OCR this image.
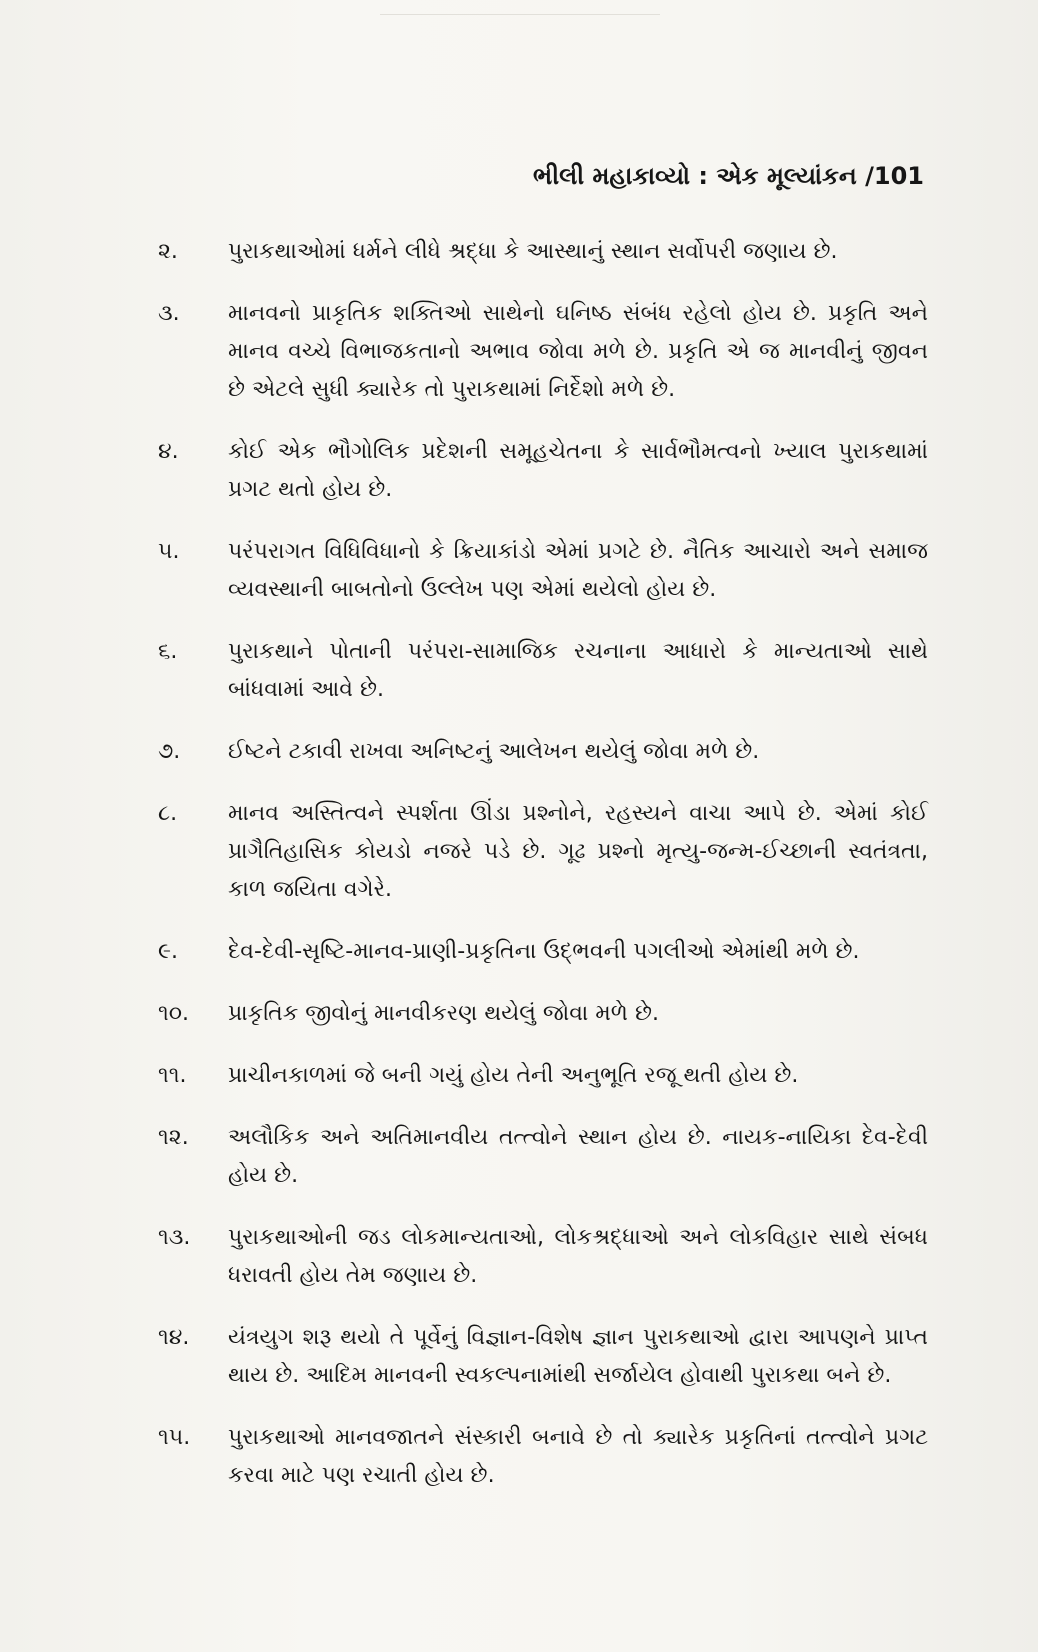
ભીલી મહાકાવ્યો : એક મૂલ્યાંકન /101
૨.	પુરાકથાઓમાં ધર્મને લીધે શ્રદ્ધા કે આસ્થાનું સ્થાન સર્વોપરી જણાય છે.
૩.	માનવનો પ્રાકૃતિક શક્તિઓ સાથેનો ઘનિષ્ઠ સંબંધ રહેલો હોય છે. પ્રકૃતિ અને માનવ વચ્ચે વિભાજકતાનો અભાવ જોવા મળે છે. પ્રકૃતિ એ જ માનવીનું જીવન છે એટલે સુધી ક્યારેક તો પુરાકથામાં નિર્દેશો મળે છે.
૪.	કોઈ એક ભૌગોલિક પ્રદેશની સમૂહચેતના કે સાર્વભૌમત્વનો ખ્યાલ પુરાકથામાં પ્રગટ થતો હોય છે.
૫.	પરંપરાગત વિધિવિધાનો કે ક્રિયાકાંડો એમાં પ્રગટે છે. નૈતિક આચારો અને સમાજ વ્યવસ્થાની બાબતોનો ઉલ્લેખ પણ એમાં થયેલો હોય છે.
૬.	પુરાકથાને પોતાની પરંપરા-સામાજિક રચનાના આધારો કે માન્યતાઓ સાથે બાંધવામાં આવે છે.
૭.	ઈષ્ટને ટકાવી રાખવા અનિષ્ટનું આલેખન થયેલું જોવા મળે છે.
૮.	માનવ અસ્તિત્વને સ્પર્શતા ઊંડા પ્રશ્નોને, રહસ્યને વાચા આપે છે. એમાં કોઈ પ્રાગૈતિહાસિક કોયડો નજરે પડે છે. ગૂઢ પ્રશ્નો મૃત્યુ-જન્મ-ઈચ્છાની સ્વતંત્રતા, કાળ જયિતા વગેરે.
૯.	દેવ-દેવી-સૃષ્ટિ-માનવ-પ્રાણી-પ્રકૃતિના ઉદ્ભવની પગલીઓ એમાંથી મળે છે.
૧૦.	પ્રાકૃતિક જીવોનું માનવીકરણ થયેલું જોવા મળે છે.
૧૧.	પ્રાચીનકાળમાં જે બની ગયું હોય તેની અનુભૂતિ રજૂ થતી હોય છે.
૧૨.	અલૌકિક અને અતિમાનવીય તત્ત્વોને સ્થાન હોય છે. નાયક-નાયિકા દેવ-દેવી હોય છે.
૧૩.	પુરાકથાઓની જડ લોકમાન્યતાઓ, લોકશ્રદ્ધાઓ અને લોકવિહાર સાથે સંબધ ધરાવતી હોય તેમ જણાય છે.
૧૪.	યંત્રયુગ શરૂ થયો તે પૂર્વેનું વિજ્ઞાન-વિશેષ જ્ઞાન પુરાકથાઓ દ્વારા આપણને પ્રાપ્ત થાય છે. આદિમ માનવની સ્વકલ્પનામાંથી સર્જાયેલ હોવાથી પુરાકથા બને છે.
૧૫.	પુરાકથાઓ માનવજાતને સંસ્કારી બનાવે છે તો ક્યારેક પ્રકૃતિનાં તત્ત્વોને પ્રગટ કરવા માટે પણ રચાતી હોય છે.
